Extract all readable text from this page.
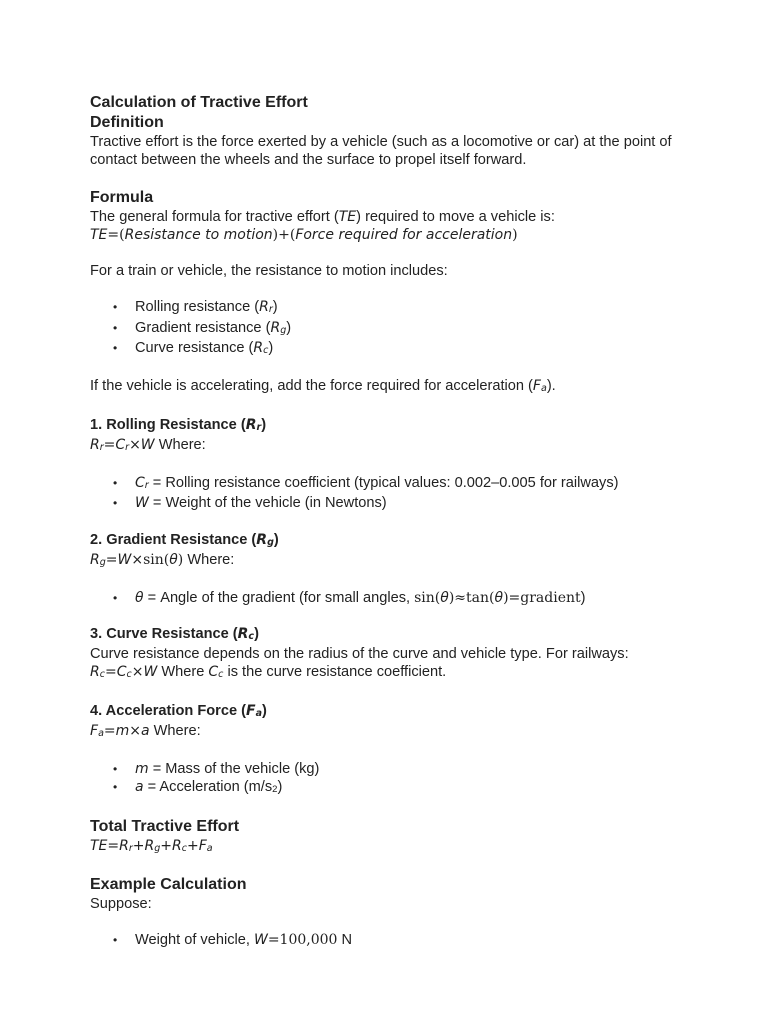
Calculation of Tractive Effort
Definition

Tractive effort is the force exerted by a vehicle (such as a locomotive or car) at the point of contact between the wheels and the surface to propel itself forward.

Formula

The general formula for tractive effort (TE) required to move a vehicle is:

TE=(Resistance to motion)+(Force required for acceleration)

For a train or vehicle, the resistance to motion includes:

• Rolling resistance (Rr)
• Gradient resistance (Rg)
• Curve resistance (Rc)

If the vehicle is accelerating, add the force required for acceleration (Fa).

1. Rolling Resistance (Rr)

Rr=Cr×W Where:

• Cr = Rolling resistance coefficient (typical values: 0.002–0.005 for railways)
• W = Weight of the vehicle (in Newtons)
2. Gradient Resistance (Rg)

Rg=W×sin(θ) Where:

• θ = Angle of the gradient (for small angles, sin(θ)≈tan(θ)=gradient)
3. Curve Resistance (Rc)

Curve resistance depends on the radius of the curve and vehicle type. For railways: Rc=Cc×W Where Cc is the curve resistance coefficient.

4. Acceleration Force (Fa)

Fa=m×a Where:

• m = Mass of the vehicle (kg)
• a = Acceleration (m/s2)
Total Tractive Effort

TE=Rr+Rg+Rc+Fa

Example Calculation

Suppose:

• Weight of vehicle, W=100,000 N
